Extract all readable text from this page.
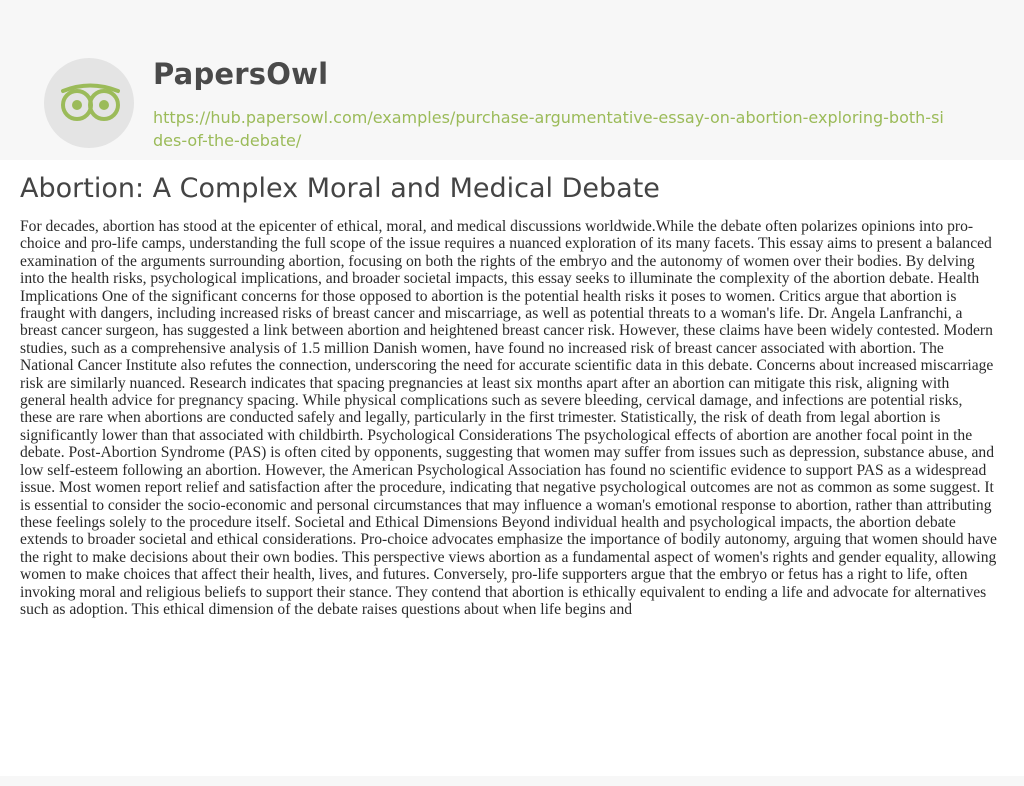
PapersOwl
https://hub.papersowl.com/examples/purchase-argumentative-essay-on-abortion-exploring-both-sides-of-the-debate/
Abortion: A Complex Moral and Medical Debate

For decades, abortion has stood at the epicenter of ethical, moral, and medical discussions worldwide.While the debate often polarizes opinions into pro-choice and pro-life camps, understanding the full scope of the issue requires a nuanced exploration of its many facets. This essay aims to present a balanced examination of the arguments surrounding abortion, focusing on both the rights of the embryo and the autonomy of women over their bodies. By delving into the health risks, psychological implications, and broader societal impacts, this essay seeks to illuminate the complexity of the abortion debate. Health Implications One of the significant concerns for those opposed to abortion is the potential health risks it poses to women. Critics argue that abortion is fraught with dangers, including increased risks of breast cancer and miscarriage, as well as potential threats to a woman's life. Dr. Angela Lanfranchi, a breast cancer surgeon, has suggested a link between abortion and heightened breast cancer risk. However, these claims have been widely contested. Modern studies, such as a comprehensive analysis of 1.5 million Danish women, have found no increased risk of breast cancer associated with abortion. The National Cancer Institute also refutes the connection, underscoring the need for accurate scientific data in this debate. Concerns about increased miscarriage risk are similarly nuanced. Research indicates that spacing pregnancies at least six months apart after an abortion can mitigate this risk, aligning with general health advice for pregnancy spacing. While physical complications such as severe bleeding, cervical damage, and infections are potential risks, these are rare when abortions are conducted safely and legally, particularly in the first trimester. Statistically, the risk of death from legal abortion is significantly lower than that associated with childbirth. Psychological Considerations The psychological effects of abortion are another focal point in the debate. Post-Abortion Syndrome (PAS) is often cited by opponents, suggesting that women may suffer from issues such as depression, substance abuse, and low self-esteem following an abortion. However, the American Psychological Association has found no scientific evidence to support PAS as a widespread issue. Most women report relief and satisfaction after the procedure, indicating that negative psychological outcomes are not as common as some suggest. It is essential to consider the socio-economic and personal circumstances that may influence a woman's emotional response to abortion, rather than attributing these feelings solely to the procedure itself. Societal and Ethical Dimensions Beyond individual health and psychological impacts, the abortion debate extends to broader societal and ethical considerations. Pro-choice advocates emphasize the importance of bodily autonomy, arguing that women should have the right to make decisions about their own bodies. This perspective views abortion as a fundamental aspect of women's rights and gender equality, allowing women to make choices that affect their health, lives, and futures. Conversely, pro-life supporters argue that the embryo or fetus has a right to life, often invoking moral and religious beliefs to support their stance. They contend that abortion is ethically equivalent to ending a life and advocate for alternatives such as adoption. This ethical dimension of the debate raises questions about when life begins and
